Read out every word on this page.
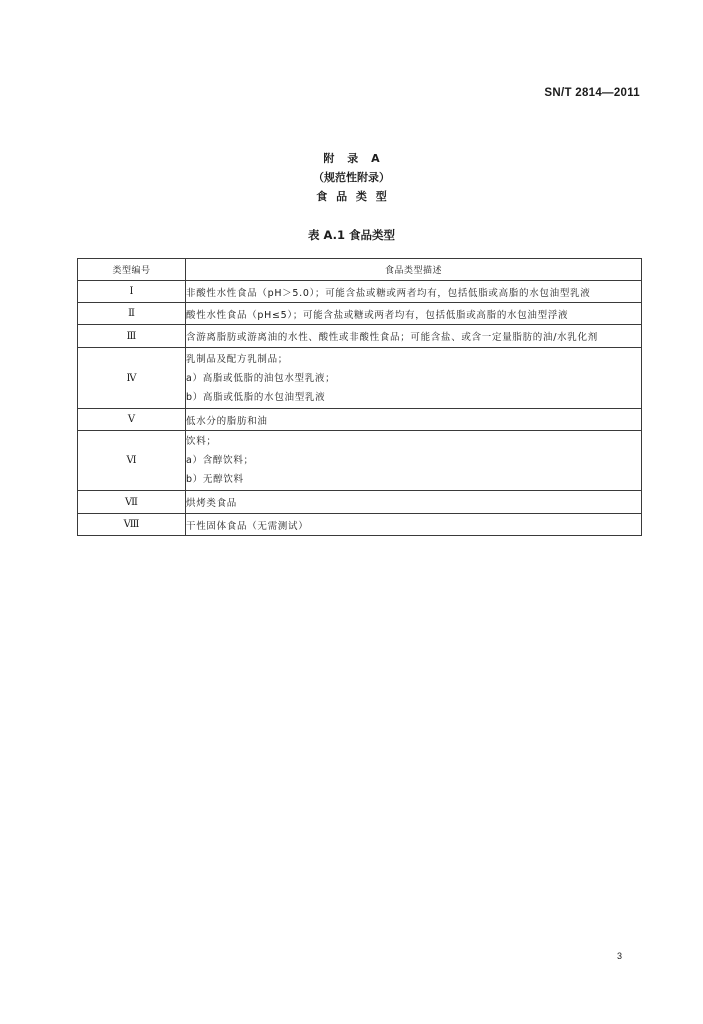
SN/T 2814—2011
附 录 A
（规范性附录）
食 品 类 型
表 A.1 食品类型
类型编号	食品类型描述
Ⅰ	非酸性水性食品（pH＞5.0）；可能含盐或糖或两者均有，包括低脂或高脂的水包油型乳液

Ⅱ	酸性水性食品（pH≤5）；可能含盐或糖或两者均有，包括低脂或高脂的水包油型浮液

Ⅲ	含游离脂肪或游离油的水性、酸性或非酸性食品；可能含盐、或含一定量脂肪的油/水乳化剂

Ⅳ	乳制品及配方乳制品；
a）高脂或低脂的油包水型乳液；
b）高脂或低脂的水包油型乳液

Ⅴ	低水分的脂肪和油

Ⅵ	饮料；
a）含醇饮料；
b）无醇饮料

Ⅶ	烘烤类食品

Ⅷ	干性固体食品（无需测试）
3
